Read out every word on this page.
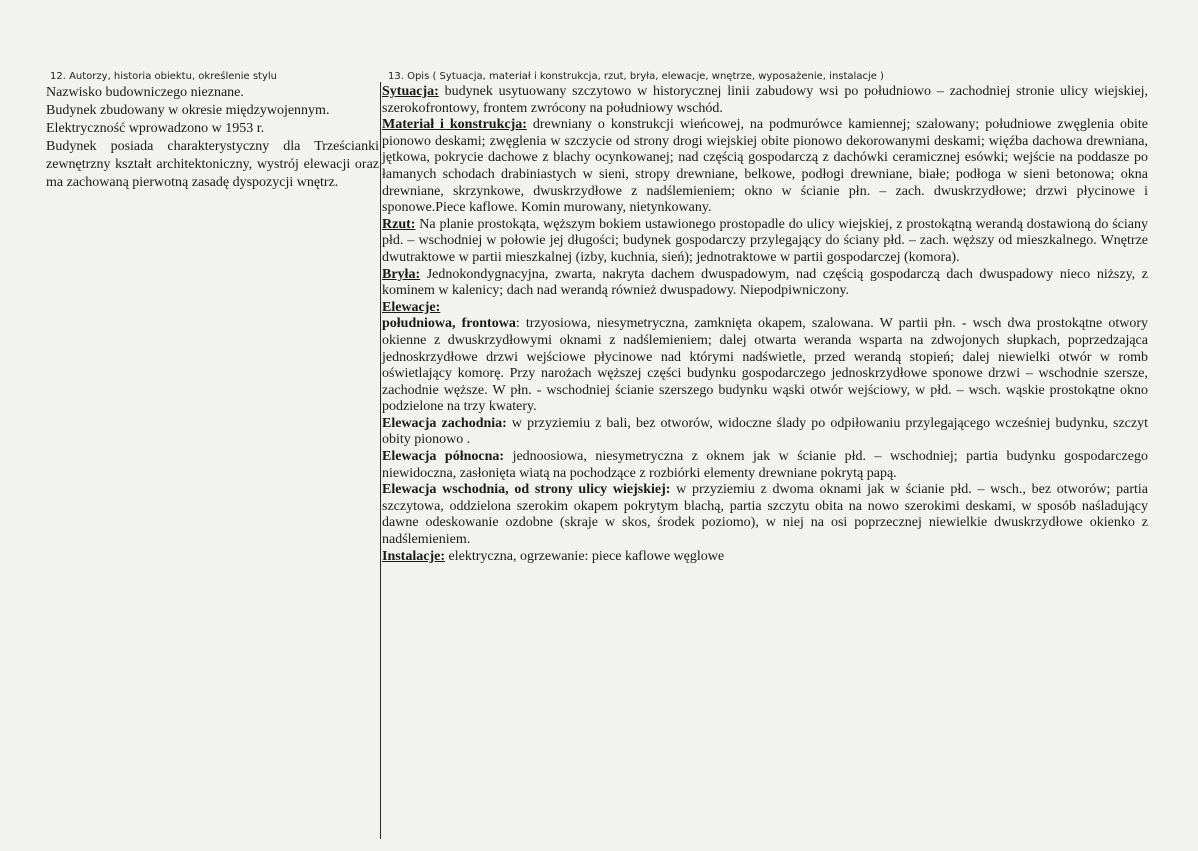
12. Autorzy, historia obiektu, określenie stylu

Nazwisko budowniczego nieznane.

Budynek zbudowany w okresie międzywojennym.

Elektryczność wprowadzono w 1953 r.

Budynek posiada charakterystyczny dla Trześcianki zewnętrzny kształt architektoniczny, wystrój elewacji oraz ma zachowaną pierwotną zasadę dyspozycji wnętrz.

13. Opis ( Sytuacja, materiał i konstrukcja, rzut, bryła, elewacje, wnętrze, wyposażenie, instalacje )

Sytuacja: budynek usytuowany szczytowo w historycznej linii zabudowy wsi po południowo – zachodniej stronie ulicy wiejskiej, szerokofrontowy, frontem zwrócony na południowy wschód.

Materiał i konstrukcja: drewniany o konstrukcji wieńcowej, na podmurówce kamiennej; szalowany; południowe zwęglenia obite pionowo deskami; zwęglenia w szczycie od strony drogi wiejskiej obite pionowo dekorowanymi deskami; więźba dachowa drewniana, jętkowa, pokrycie dachowe z blachy ocynkowanej; nad częścią gospodarczą z dachówki ceramicznej esówki; wejście na poddasze po łamanych schodach drabiniastych w sieni, stropy drewniane, belkowe, podłogi drewniane, białe; podłoga w sieni betonowa; okna drewniane, skrzynkowe, dwuskrzydłowe z nadślemieniem; okno w ścianie płn. – zach. dwuskrzydłowe; drzwi płycinowe i sponowe.Piece kaflowe. Komin murowany, nietynkowany.

Rzut: Na planie prostokąta, węższym bokiem ustawionego prostopadle do ulicy wiejskiej, z prostokątną werandą dostawioną do ściany płd. – wschodniej w połowie jej długości; budynek gospodarczy przylegający do ściany płd. – zach. węższy od mieszkalnego. Wnętrze dwutraktowe w partii mieszkalnej (izby, kuchnia, sień); jednotraktowe w partii gospodarczej (komora).

Bryła: Jednokondygnacyjna, zwarta, nakryta dachem dwuspadowym, nad częścią gospodarczą dach dwuspadowy nieco niższy, z kominem w kalenicy; dach nad werandą również dwuspadowy. Niepodpiwniczony.

Elewacje:

południowa, frontowa: trzyosiowa, niesymetryczna, zamknięta okapem, szalowana. W partii płn. - wsch dwa prostokątne otwory okienne z dwuskrzydłowymi oknami z nadślemieniem; dalej otwarta weranda wsparta na zdwojonych słupkach, poprzedzająca jednoskrzydłowe drzwi wejściowe płycinowe nad którymi nadświetle, przed werandą stopień; dalej niewielki otwór w romb oświetlający komorę. Przy narożach węższej części budynku gospodarczego jednoskrzydłowe sponowe drzwi – wschodnie szersze, zachodnie węższe. W płn. - wschodniej ścianie szerszego budynku wąski otwór wejściowy, w płd. – wsch. wąskie prostokątne okno podzielone na trzy kwatery.

Elewacja zachodnia: w przyziemiu z bali, bez otworów, widoczne ślady po odpiłowaniu przylegającego wcześniej budynku, szczyt obity pionowo .

Elewacja północna: jednoosiowa, niesymetryczna z oknem jak w ścianie płd. – wschodniej; partia budynku gospodarczego niewidoczna, zasłonięta wiatą na pochodzące z rozbiórki elementy drewniane pokrytą papą.

Elewacja wschodnia, od strony ulicy wiejskiej: w przyziemiu z dwoma oknami jak w ścianie płd. – wsch., bez otworów; partia szczytowa, oddzielona szerokim okapem pokrytym blachą, partia szczytu obita na nowo szerokimi deskami, w sposób naśladujący dawne odeskowanie ozdobne (skraje w skos, środek poziomo), w niej na osi poprzecznej niewielkie dwuskrzydłowe okienko z nadślemieniem.

Instalacje: elektryczna, ogrzewanie: piece kaflowe węglowe
